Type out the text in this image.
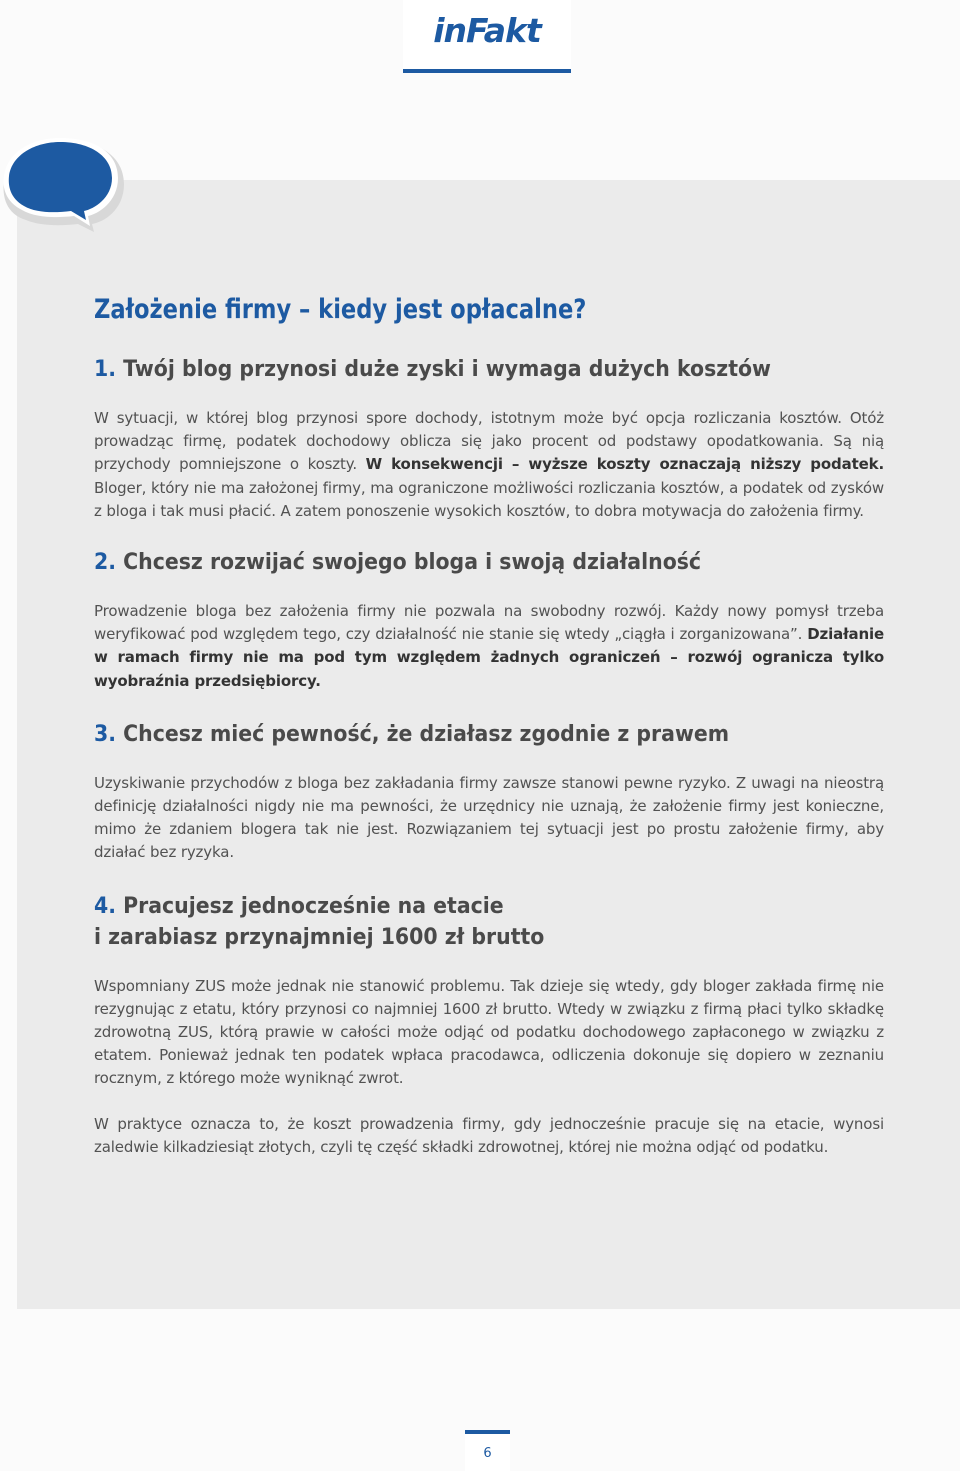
inFakt
Założenie firmy – kiedy jest opłacalne?
1. Twój blog przynosi duże zyski i wymaga dużych kosztów

W sytuacji, w której blog przynosi spore dochody, istotnym może być opcja rozliczania kosztów. Otóż prowadząc firmę, podatek dochodowy oblicza się jako procent od podstawy opodatkowania. Są nią przychody pomniejszone o koszty. W konsekwencji – wyższe koszty oznaczają niższy podatek. Bloger, który nie ma założonej firmy, ma ograniczone możliwości rozliczania kosztów, a podatek od zysków z bloga i tak musi płacić. A zatem ponoszenie wysokich kosztów, to dobra motywacja do założenia firmy.

2. Chcesz rozwijać swojego bloga i swoją działalność

Prowadzenie bloga bez założenia firmy nie pozwala na swobodny rozwój. Każdy nowy pomysł trzeba weryfikować pod względem tego, czy działalność nie stanie się wtedy „ciągła i zorganizowana”. Działanie w ramach firmy nie ma pod tym względem żadnych ograniczeń – rozwój ogranicza tylko wyobraźnia przedsiębiorcy.

3. Chcesz mieć pewność, że działasz zgodnie z prawem

Uzyskiwanie przychodów z bloga bez zakładania firmy zawsze stanowi pewne ryzyko. Z uwagi na nieostrą definicję działalności nigdy nie ma pewności, że urzędnicy nie uznają, że założenie firmy jest konieczne, mimo że zdaniem blogera tak nie jest. Rozwiązaniem tej sytuacji jest po prostu założenie firmy, aby działać bez ryzyka.

4. Pracujesz jednocześnie na etacie
i zarabiasz przynajmniej 1600 zł brutto

Wspomniany ZUS może jednak nie stanowić problemu. Tak dzieje się wtedy, gdy bloger zakłada firmę nie rezygnując z etatu, który przynosi co najmniej 1600 zł brutto. Wtedy w związku z firmą płaci tylko składkę zdrowotną ZUS, którą prawie w całości może odjąć od podatku dochodowego zapłaconego w związku z etatem. Ponieważ jednak ten podatek wpłaca pracodawca, odliczenia dokonuje się dopiero w zeznaniu rocznym, z którego może wyniknąć zwrot.

W praktyce oznacza to, że koszt prowadzenia firmy, gdy jednocześnie pracuje się na etacie, wynosi zaledwie kilkadziesiąt złotych, czyli tę część składki zdrowotnej, której nie można odjąć od podatku.

6
